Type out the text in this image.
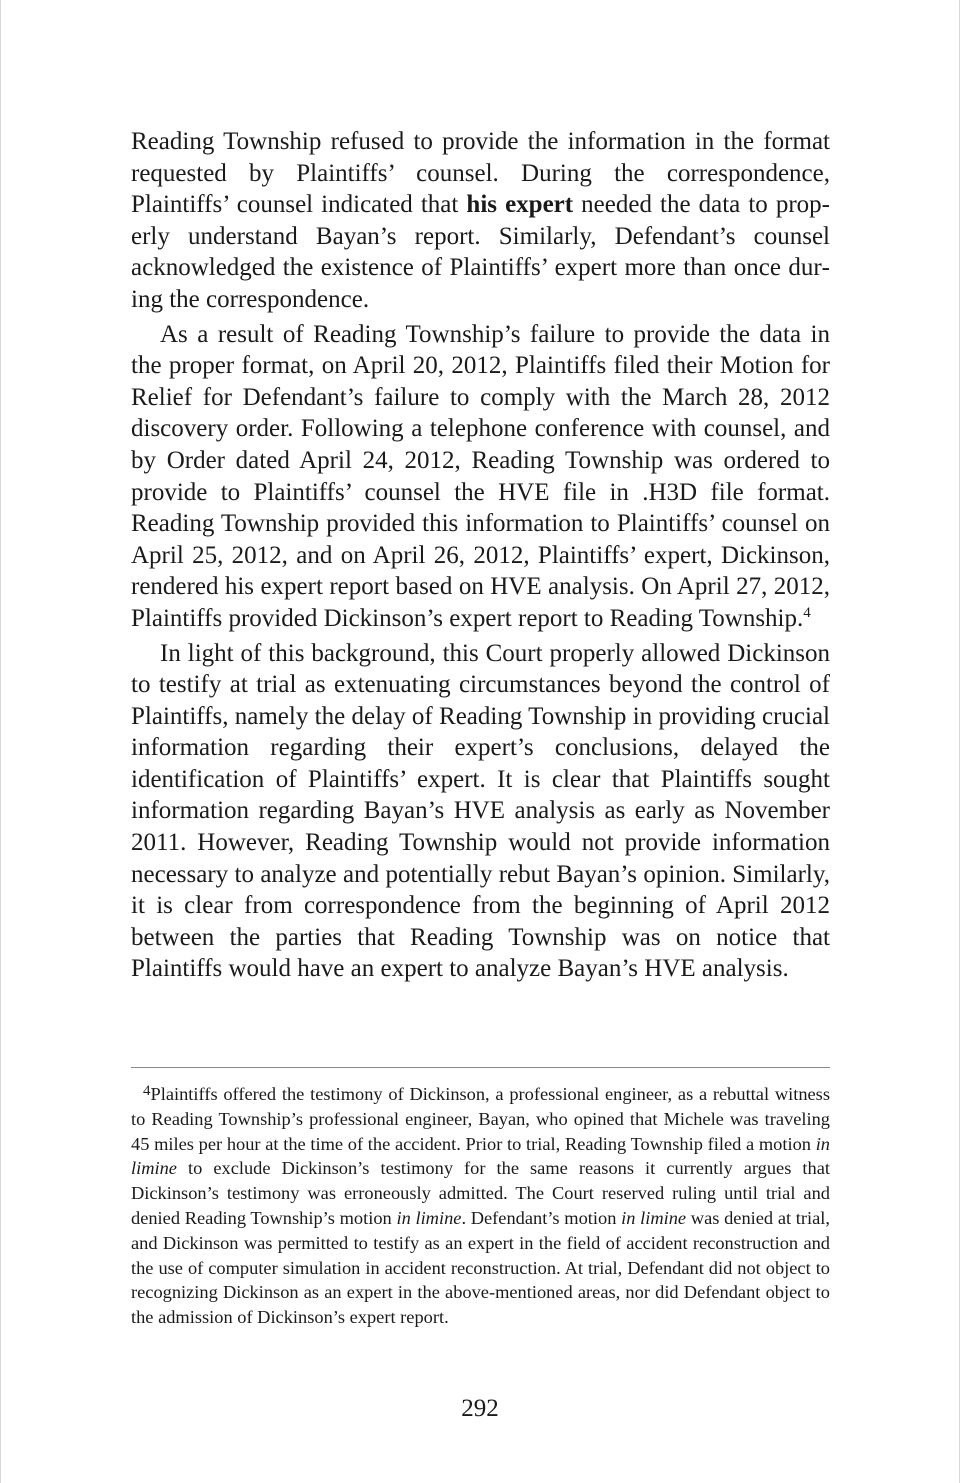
Reading Township refused to provide the information in the format requested by Plaintiffs’ counsel. During the correspondence, Plaintiffs’ counsel indicated that his expert needed the data to properly understand Bayan’s report. Similarly, Defendant’s counsel acknowledged the existence of Plaintiffs’ expert more than once during the correspondence.

As a result of Reading Township’s failure to provide the data in the proper format, on April 20, 2012, Plaintiffs filed their Motion for Relief for Defendant’s failure to comply with the March 28, 2012 discovery order. Following a telephone conference with counsel, and by Order dated April 24, 2012, Reading Township was ordered to provide to Plaintiffs’ counsel the HVE file in .H3D file format. Reading Township provided this information to Plaintiffs’ counsel on April 25, 2012, and on April 26, 2012, Plaintiffs’ expert, Dickinson, rendered his expert report based on HVE analysis. On April 27, 2012, Plaintiffs provided Dickinson’s expert report to Reading Township.$^4$

In light of this background, this Court properly allowed Dickinson to testify at trial as extenuating circumstances beyond the control of Plaintiffs, namely the delay of Reading Township in providing crucial information regarding their expert’s conclusions, delayed the identification of Plaintiffs’ expert. It is clear that Plaintiffs sought information regarding Bayan’s HVE analysis as early as November 2011. However, Reading Township would not provide information necessary to analyze and potentially rebut Bayan’s opinion. Similarly, it is clear from correspondence from the beginning of April 2012 between the parties that Reading Township was on notice that Plaintiffs would have an expert to analyze Bayan’s HVE analysis.

$^4$Plaintiffs offered the testimony of Dickinson, a professional engineer, as a rebuttal witness to Reading Township’s professional engineer, Bayan, who opined that Michele was traveling 45 miles per hour at the time of the accident. Prior to trial, Reading Township filed a motion in limine to exclude Dickinson’s testimony for the same reasons it currently argues that Dickinson’s testimony was erroneously admitted. The Court reserved ruling until trial and denied Reading Township’s motion in limine. Defendant’s motion in limine was denied at trial, and Dickinson was permitted to testify as an expert in the field of accident reconstruction and the use of computer simulation in accident reconstruction. At trial, Defendant did not object to recognizing Dickinson as an expert in the above-mentioned areas, nor did Defendant object to the admission of Dickinson’s expert report.
292
